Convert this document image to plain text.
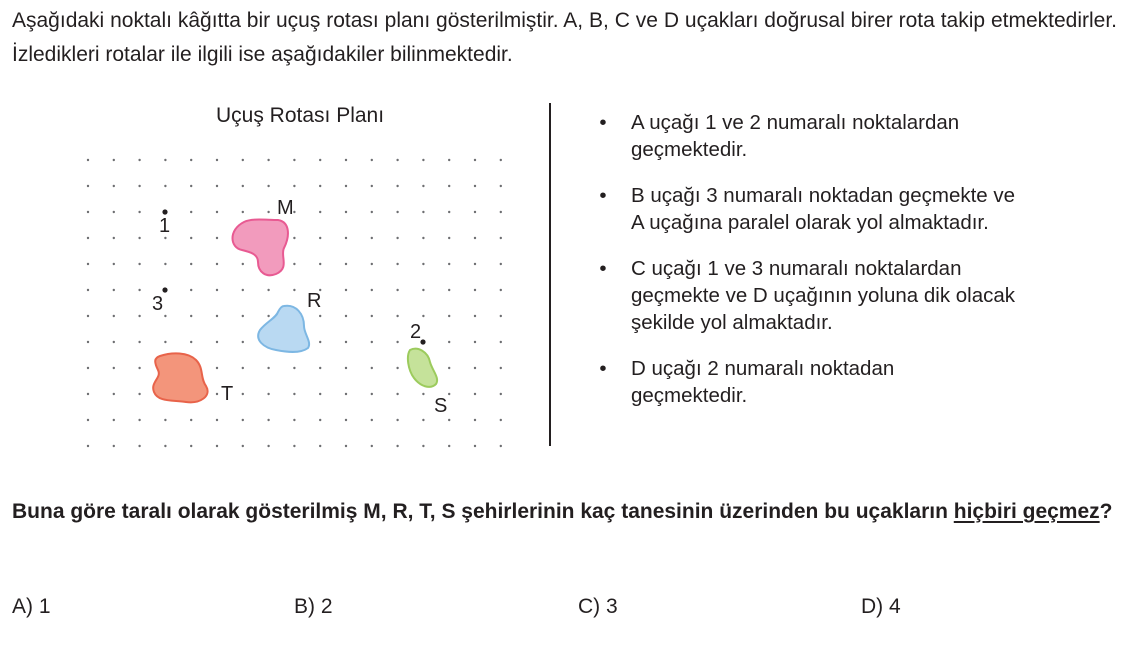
Aşağıdaki noktalı kâğıtta bir uçuş rotası planı gösterilmiştir. A, B, C ve D uçakları doğrusal birer rota takip etmektedirler. İzledikleri rotalar ile ilgili ise aşağıdakiler bilinmektedir.
Uçuş Rotası Planı
1
3
2
M
R
T
S
• A uçağı 1 ve 2 numaralı noktalardan geçmektedir.
• B uçağı 3 numaralı noktadan geçmekte ve A uçağına paralel olarak yol almaktadır.
• C uçağı 1 ve 3 numaralı noktalardan geçmekte ve D uçağının yoluna dik olacak şekilde yol almaktadır.
• D uçağı 2 numaralı noktadan geçmektedir.
Buna göre taralı olarak gösterilmiş M, R, T, S şehirlerinin kaç tanesinin üzerinden bu uçakların hiçbiri geçmez?
A) 1	B) 2	C) 3	D) 4
